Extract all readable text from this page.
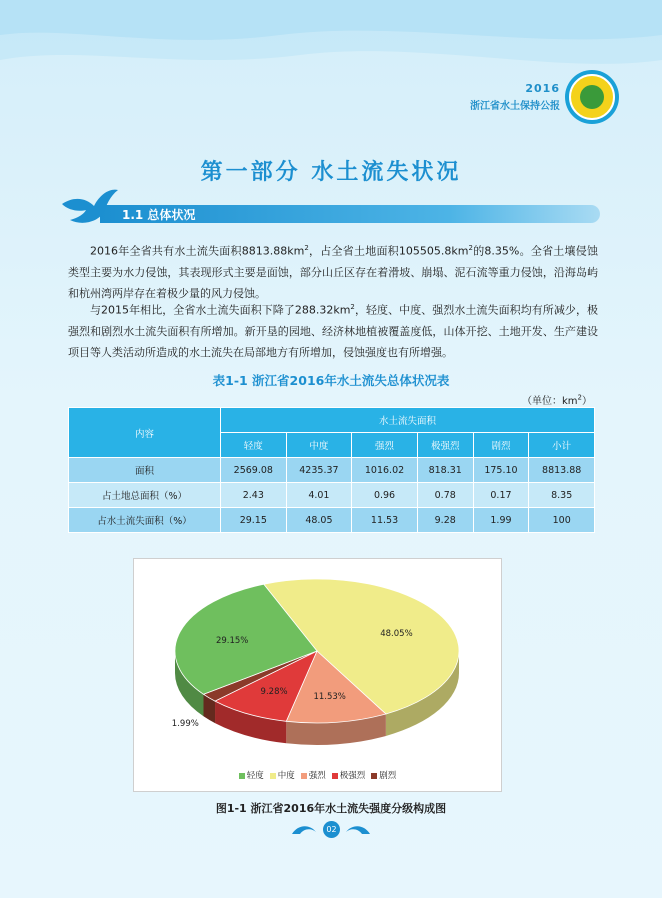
2016
浙江省水土保持公报
第一部分 水土流失状况
1.1 总体状况

2016年全省共有水土流失面积$8813.88km^2$，占全省土地面积$105505.8km^2$的8.35%。全省土壤侵蚀类型主要为水力侵蚀，其表现形式主要是面蚀，部分山丘区存在着滑坡、崩塌、泥石流等重力侵蚀，沿海岛屿和杭州湾两岸存在着极少量的风力侵蚀。

与2015年相比，全省水土流失面积下降了$288.32km^2$，轻度、中度、强烈水土流失面积均有所减少，极强烈和剧烈水土流失面积有所增加。新开垦的园地、经济林地植被覆盖度低，山体开挖、土地开发、生产建设项目等人类活动所造成的水土流失在局部地方有所增加，侵蚀强度也有所增强。

表1-1 浙江省2016年水土流失总体状况表
（单位：$km^2$）
内容	水土流失面积					
	轻度	中度	强烈	极强烈	剧烈	小计
面积	2569.08	4235.37	1016.02	818.31	175.10	8813.88
占土地总面积（%）	2.43	4.01	0.96	0.78	0.17	8.35
占水土流失面积（%）	29.15	48.05	11.53	9.28	1.99	100
48.05%
11.53%
9.28%
1.99%
29.15%
轻度 中度 强烈 极强烈 剧烈
图1-1 浙江省2016年水土流失强度分级构成图
02
